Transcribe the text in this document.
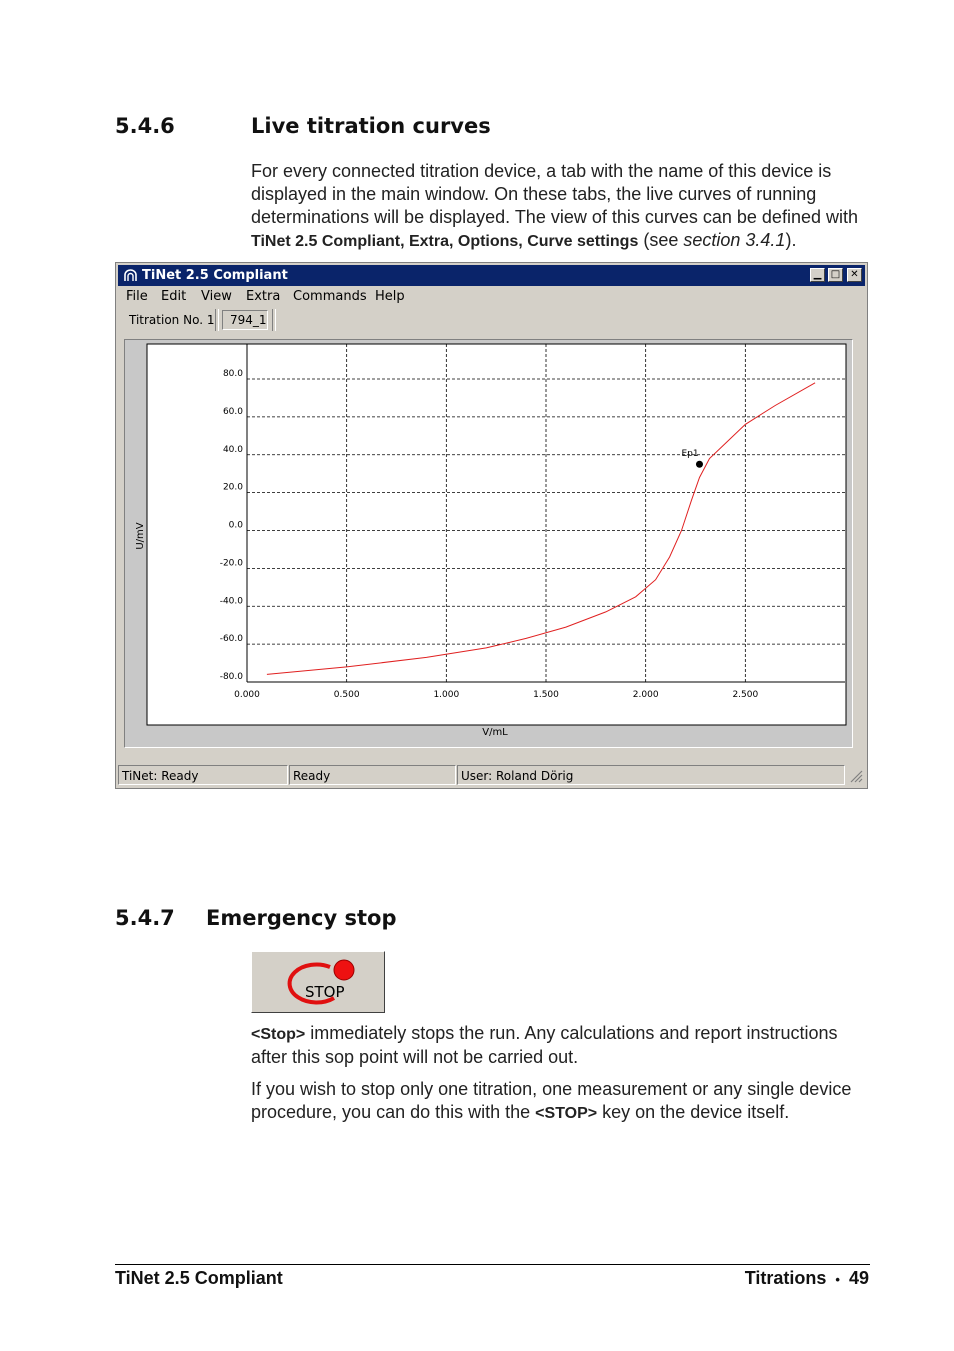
5.4.6	Live titration curves
For every connected titration device, a tab with the name of this device is displayed in the main window. On these tabs, the live curves of running determinations will be displayed. The view of this curves can be defined with TiNet 2.5 Compliant, Extra, Options, Curve settings (see section 3.4.1).
TiNet 2.5 Compliant	▁ □	✕
File Edit View Extra Commands Help
Titration No. 1	794_1
80.0
60.0
40.0
20.0
0.0
-20.0
-40.0
-60.0
-80.0
0.000	0.500	1.000	1.500	2.000	2.500
Ep1
U/mV
V/mL
TiNet: Ready	Ready	User: Roland Dörig
5.4.7 Emergency stop
STOP
<Stop> immediately stops the run. Any calculations and report instructions after this sop point will not be carried out.
If you wish to stop only one titration, one measurement or any single device procedure, you can do this with the <STOP> key on the device itself.
TiNet 2.5 Compliant	Titrations • 49
